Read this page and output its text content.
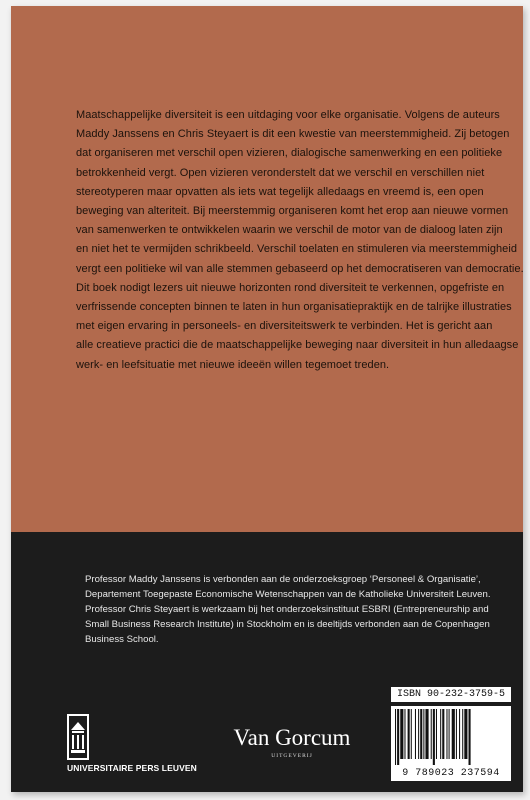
Maatschappelijke diversiteit is een uitdaging voor elke organisatie. Volgens de auteurs
Maddy Janssens en Chris Steyaert is dit een kwestie van meerstemmigheid. Zij betogen
dat organiseren met verschil open vizieren, dialogische samenwerking en een politieke
betrokkenheid vergt. Open vizieren veronderstelt dat we verschil en verschillen niet
stereotyperen maar opvatten als iets wat tegelijk alledaags en vreemd is, een open
beweging van alteriteit. Bij meerstemmig organiseren komt het erop aan nieuwe vormen
van samenwerken te ontwikkelen waarin we verschil de motor van de dialoog laten zijn
en niet het te vermijden schrikbeeld. Verschil toelaten en stimuleren via meerstemmigheid
vergt een politieke wil van alle stemmen gebaseerd op het democratiseren van democratie.
Dit boek nodigt lezers uit nieuwe horizonten rond diversiteit te verkennen, opgefriste en
verfrissende concepten binnen te laten in hun organisatiepraktijk en de talrijke illustraties
met eigen ervaring in personeels- en diversiteitswerk te verbinden. Het is gericht aan
alle creatieve practici die de maatschappelijke beweging naar diversiteit in hun alledaagse
werk- en leefsituatie met nieuwe ideeën willen tegemoet treden.
Professor Maddy Janssens is verbonden aan de onderzoeksgroep ‘Personeel & Organisatie’,
Departement Toegepaste Economische Wetenschappen van de Katholieke Universiteit Leuven.
Professor Chris Steyaert is werkzaam bij het onderzoeksinstituut ESBRI (Entrepreneurship and
Small Business Research Institute) in Stockholm en is deeltijds verbonden aan de Copenhagen
Business School.
UNIVERSITAIRE PERS LEUVEN
Van Gorcum
UITGEVERIJ
ISBN 90-232-3759-5
9 789023 237594
